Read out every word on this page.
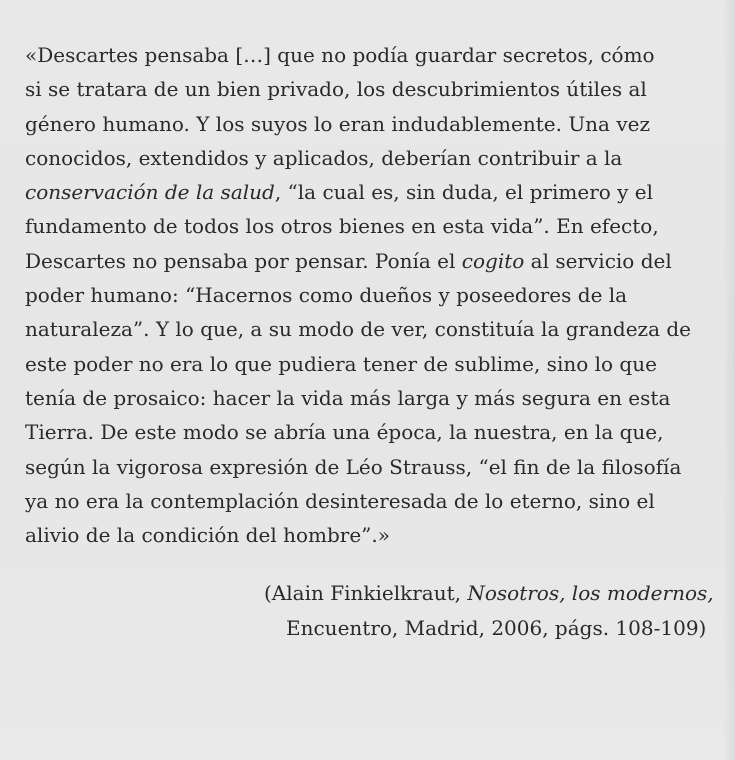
«Descartes pensaba […] que no podía guardar secretos, cómo
si se tratara de un bien privado, los descubrimientos útiles al
género humano. Y los suyos lo eran indudablemente. Una vez
conocidos, extendidos y aplicados, deberían contribuir a la
conservación de la salud, “la cual es, sin duda, el primero y el
fundamento de todos los otros bienes en esta vida”. En efecto,
Descartes no pensaba por pensar. Ponía el cogito al servicio del
poder humano: “Hacernos como dueños y poseedores de la
naturaleza”. Y lo que, a su modo de ver, constituía la grandeza de
este poder no era lo que pudiera tener de sublime, sino lo que
tenía de prosaico: hacer la vida más larga y más segura en esta
Tierra. De este modo se abría una época, la nuestra, en la que,
según la vigorosa expresión de Léo Strauss, “el fin de la filosofía
ya no era la contemplación desinteresada de lo eterno, sino el
alivio de la condición del hombre”.»
(Alain Finkielkraut, Nosotros, los modernos,
Encuentro, Madrid, 2006, págs. 108-109)
